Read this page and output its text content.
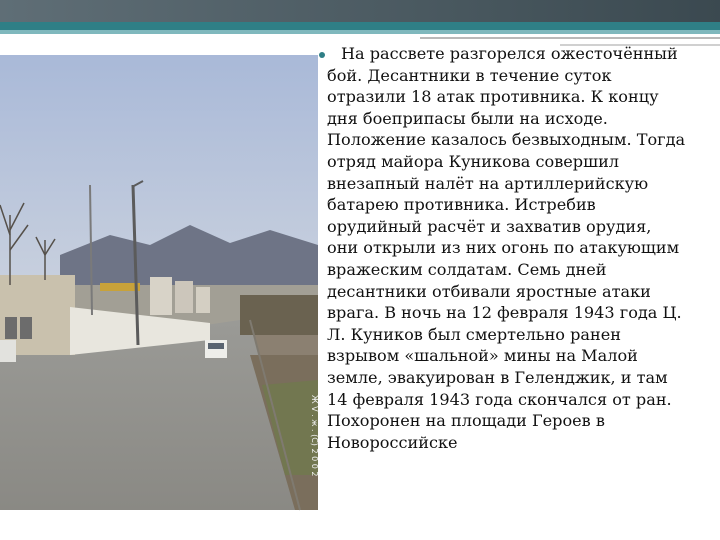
Ж V . ж . (С) 2 0 0 2

На рассвете разгорелся ожесточённый бой. Десантники в течение суток отразили 18 атак противника. К концу дня боеприпасы были на исходе. Положение казалось безвыходным. Тогда отряд майора Куникова совершил внезапный налёт на артиллерийскую батарею противника. Истребив орудийный расчёт и захватив орудия, они открыли из них огонь по атакующим вражеским солдатам. Семь дней десантники отбивали яростные атаки врага. В ночь на 12 февраля 1943 года Ц. Л. Куников был смертельно ранен взрывом «шальной» мины на Малой земле, эвакуирован в Геленджик, и там 14 февраля 1943 года скончался от ран. Похоронен на площади Героев в Новороссийске
